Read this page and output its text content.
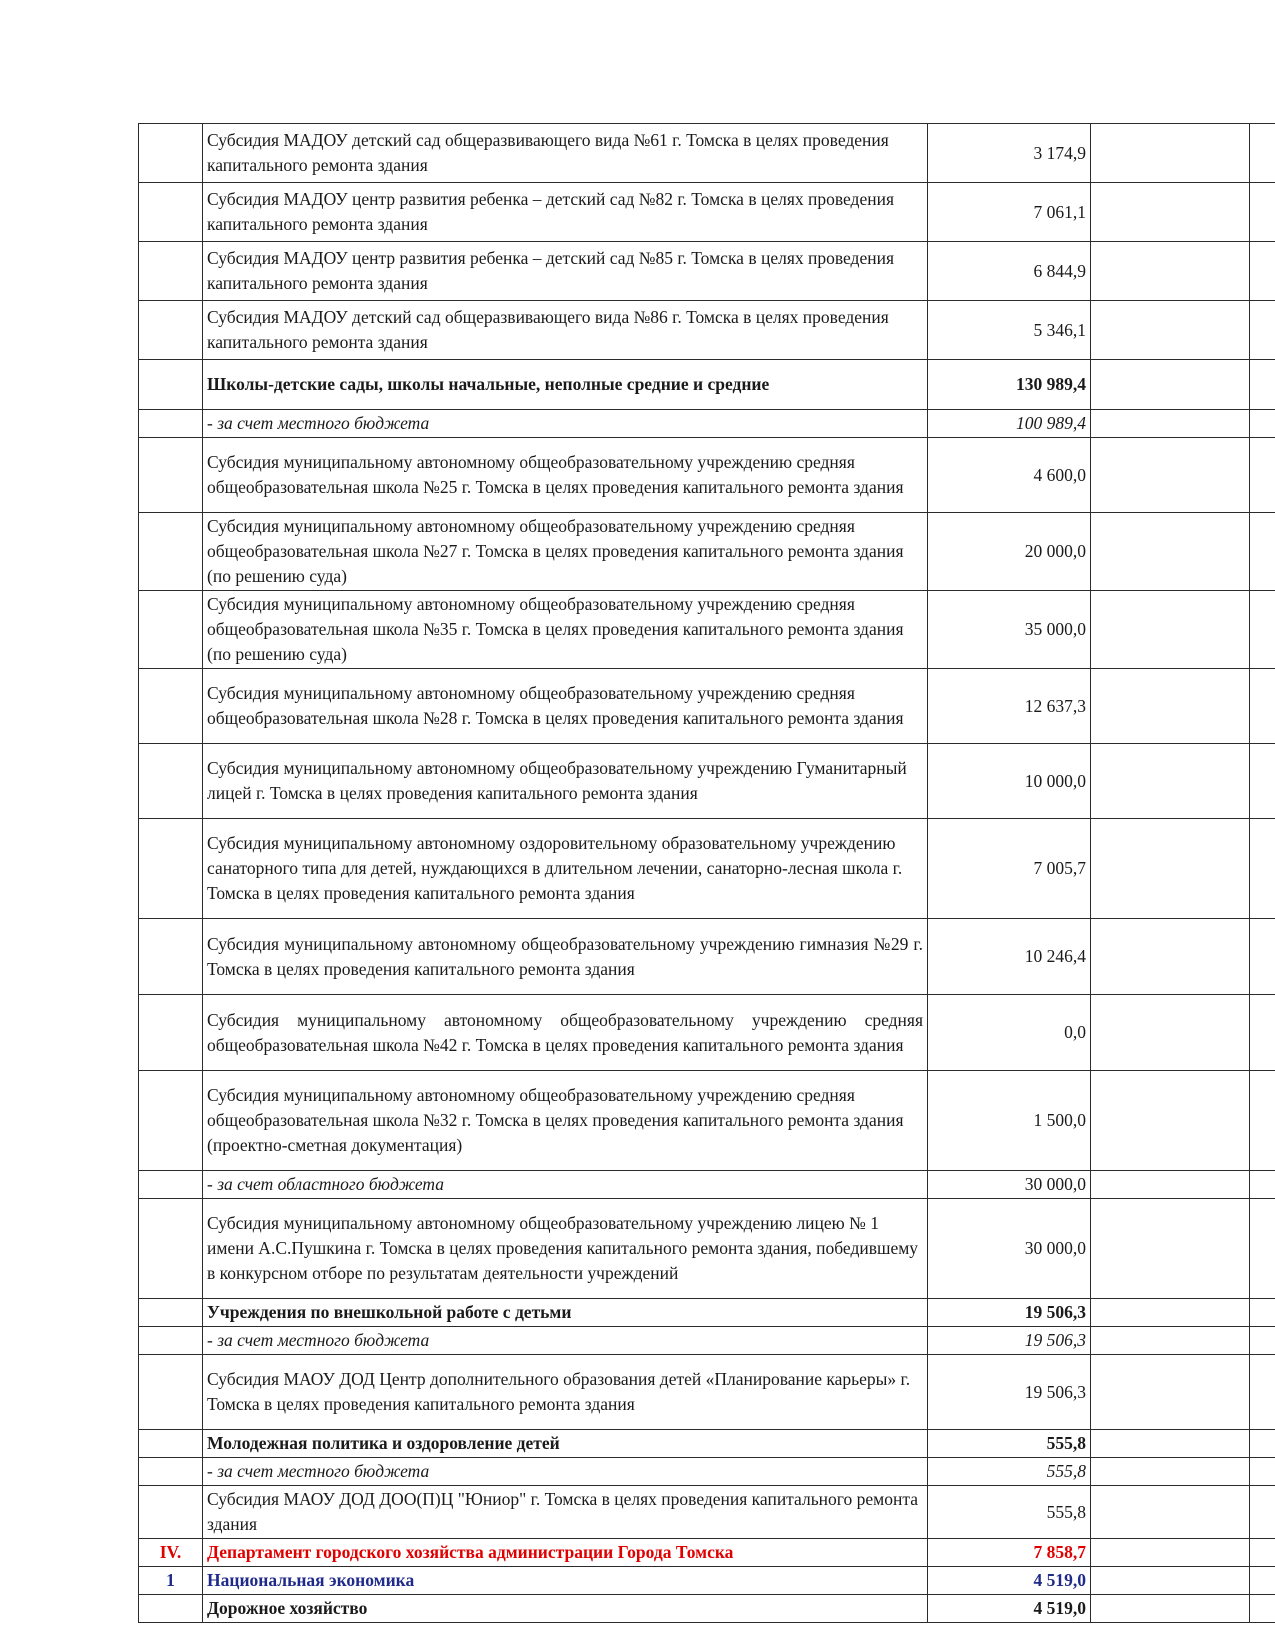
	Субсидия МАДОУ детский сад общеразвивающего вида №61 г. Томска в целях проведения капитального ремонта здания	3 174,9		
	Субсидия МАДОУ центр развития ребенка – детский сад №82 г. Томска в целях проведения капитального ремонта здания	7 061,1		
	Субсидия МАДОУ центр развития ребенка – детский сад №85 г. Томска в целях проведения капитального ремонта здания	6 844,9		
	Субсидия МАДОУ детский сад общеразвивающего вида №86 г. Томска в целях проведения капитального ремонта здания	5 346,1		
	Школы-детские сады, школы начальные, неполные средние и средние	130 989,4		
	- за счет местного бюджета	100 989,4		
	Субсидия муниципальному автономному общеобразовательному учреждению средняя общеобразовательная школа №25 г. Томска в целях проведения капитального ремонта здания	4 600,0		
	Субсидия муниципальному автономному общеобразовательному учреждению средняя общеобразовательная школа №27 г. Томска в целях проведения капитального ремонта здания (по решению суда)	20 000,0		
	Субсидия муниципальному автономному общеобразовательному учреждению средняя общеобразовательная школа №35 г. Томска в целях проведения капитального ремонта здания (по решению суда)	35 000,0		
	Субсидия муниципальному автономному общеобразовательному учреждению средняя общеобразовательная школа №28 г. Томска в целях проведения капитального ремонта здания	12 637,3		
	Субсидия муниципальному автономному общеобразовательному учреждению Гуманитарный лицей г. Томска в целях проведения капитального ремонта здания	10 000,0		
	Субсидия муниципальному автономному оздоровительному образовательному учреждению санаторного типа для детей, нуждающихся в длительном лечении, санаторно-лесная школа г. Томска в целях проведения капитального ремонта здания	7 005,7		
	Субсидия муниципальному автономному общеобразовательному учреждению гимназия №29 г. Томска в целях проведения капитального ремонта здания	10 246,4		
	Субсидия муниципальному автономному общеобразовательному учреждению средняя общеобразовательная школа №42 г. Томска в целях проведения капитального ремонта здания	0,0		
	Субсидия муниципальному автономному общеобразовательному учреждению средняя общеобразовательная школа №32 г. Томска в целях проведения капитального ремонта здания (проектно-сметная документация)	1 500,0		
	- за счет областного бюджета	30 000,0		
	Субсидия муниципальному автономному общеобразовательному учреждению лицею № 1 имени А.С.Пушкина г. Томска в целях проведения капитального ремонта здания, победившему в конкурсном отборе по результатам деятельности учреждений	30 000,0		
	Учреждения по внешкольной работе с детьми	19 506,3		
	- за счет местного бюджета	19 506,3		
	Субсидия МАОУ ДОД Центр дополнительного образования детей «Планирование карьеры» г. Томска в целях проведения капитального ремонта здания	19 506,3		
	Молодежная политика и оздоровление детей	555,8		
	- за счет местного бюджета	555,8		
	Субсидия МАОУ ДОД ДОО(П)Ц "Юниор" г. Томска в целях проведения капитального ремонта здания	555,8		
IV.	Департамент городского хозяйства администрации Города Томска	7 858,7		
1	Национальная экономика	4 519,0		
	Дорожное хозяйство	4 519,0		
